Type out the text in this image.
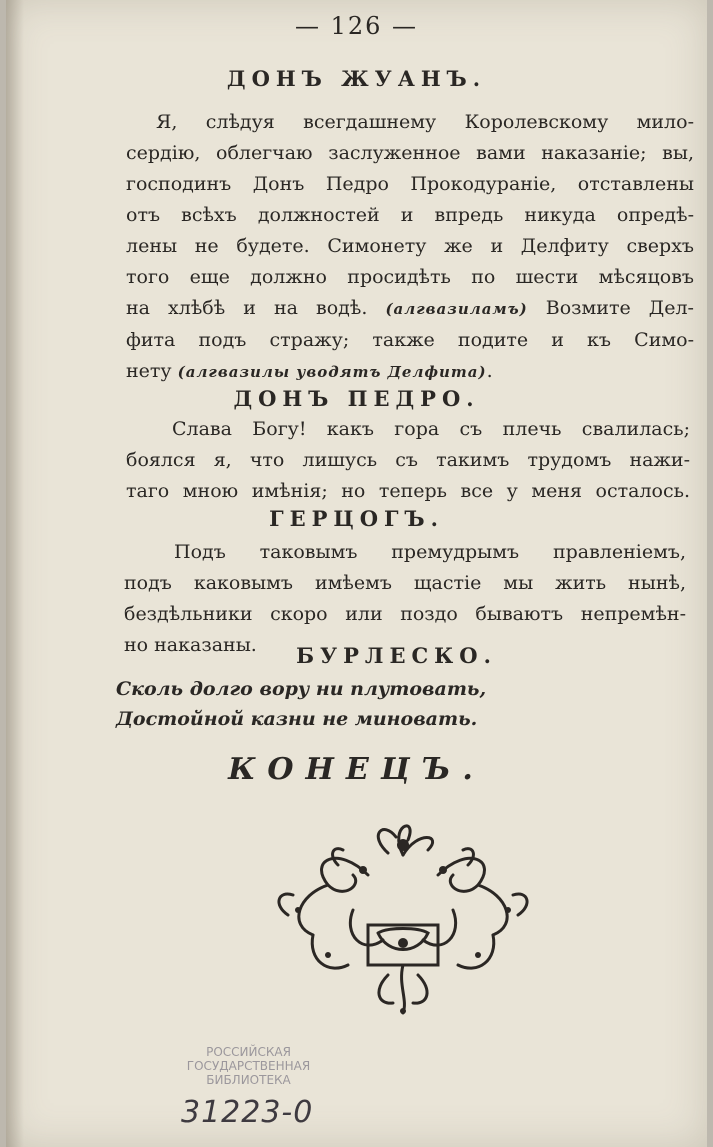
— 126 —
ДОНЪ ЖУАНЪ.

Я, слѣдуя всегдашнему Королевскому мило-

сердію, облегчаю заслуженное вами наказаніе; вы,
господинъ Донъ Педро Прокодураніе, отставлены
отъ всѣхъ должностей и впредь никуда опредѣ-
лены не будете. Симонету же и Делфиту сверхъ
того еще должно просидѣть по шести мѣсяцовъ
на хлѣбѣ и на водѣ. (алгвазиламъ) Возмите Дел-
фита подъ стражу; также подите и къ Симо-
нету (алгвазилы уводятъ Делфита).

ДОНЪ ПЕДРО.

Слава Богу! какъ гора съ плечь свалилась;

боялся я, что лишусь съ такимъ трудомъ нажи-
таго мною имѣнія; но теперь все у меня осталось.

ГЕРЦОГЪ.

Подъ таковымъ премудрымъ правленіемъ,

подъ каковымъ имѣемъ щастіе мы жить нынѣ,
бездѣльники скоро или поздо бываютъ непремѣн-
но наказаны.	БУРЛЕСКО.
Сколь долго вору ни плутовать,
Достойной казни не миновать.
КОНЕЦЪ.
РОССИЙСКАЯ
ГОСУДАРСТВЕННАЯ
БИБЛИОТЕКА
31223-0
